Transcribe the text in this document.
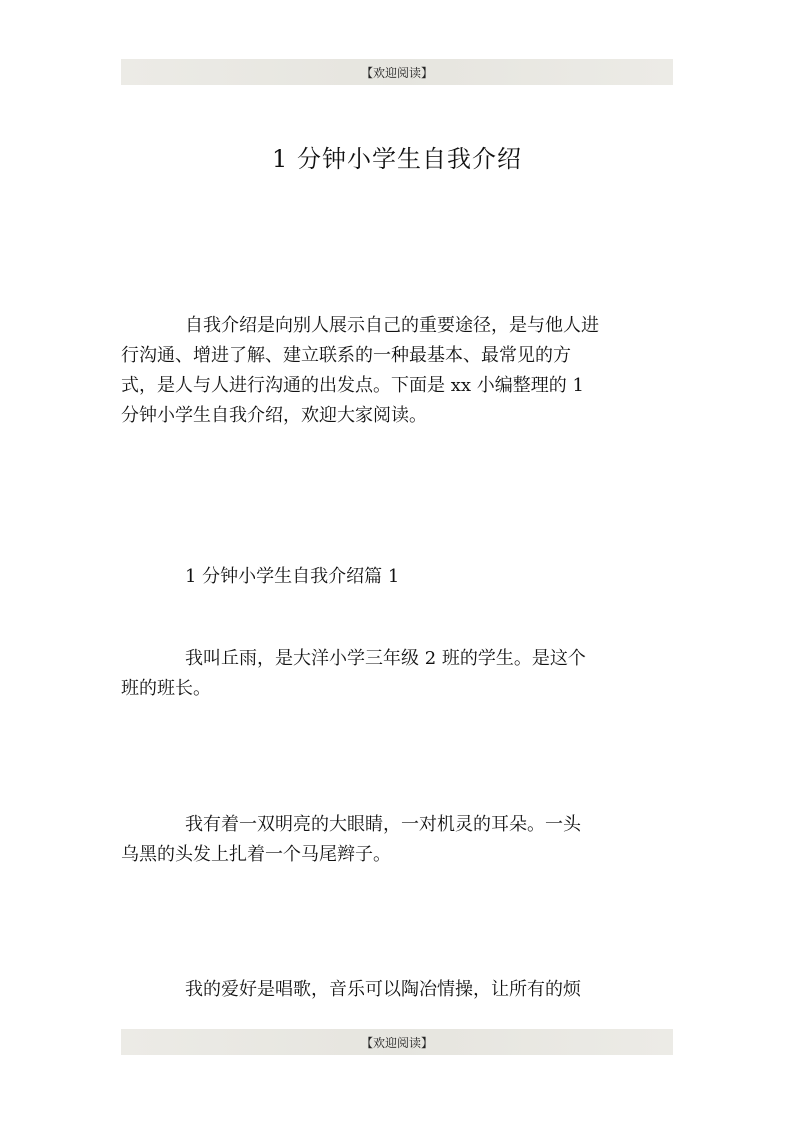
【欢迎阅读】
1 分钟小学生自我介绍

自我介绍是向别人展示自己的重要途径，是与他人进
行沟通、增进了解、建立联系的一种最基本、最常见的方
式，是人与人进行沟通的出发点。下面是 xx 小编整理的 1
分钟小学生自我介绍，欢迎大家阅读。

1 分钟小学生自我介绍篇 1

我叫丘雨，是大洋小学三年级 2 班的学生。是这个
班的班长。

我有着一双明亮的大眼睛，一对机灵的耳朵。一头
乌黑的头发上扎着一个马尾辫子。

我的爱好是唱歌，音乐可以陶冶情操，让所有的烦

【欢迎阅读】
